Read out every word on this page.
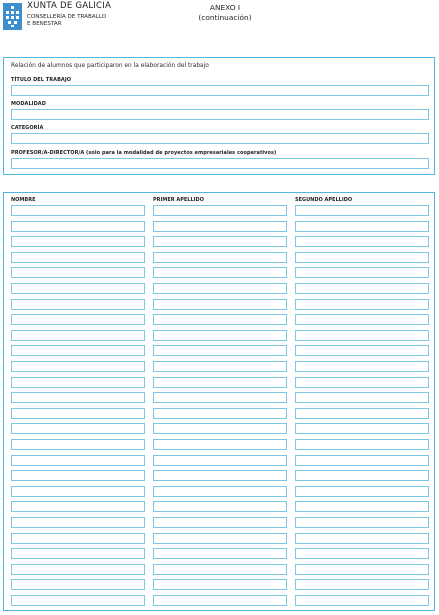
XUNTA DE GALICIA
CONSELLERÍA DE TRABALLO
E BENESTAR
ANEXO I
(continuación)
Relación de alumnos que participaron en la elaboración del trabajo
TÍTULO DEL TRABAJO
MODALIDAD
CATEGORÍA
PROFESOR/A-DIRECTOR/A (solo para la modalidad de proyectos empresariales cooperativos)
NOMBRE	PRIMER APELLIDO	SEGUNDO APELLIDO
